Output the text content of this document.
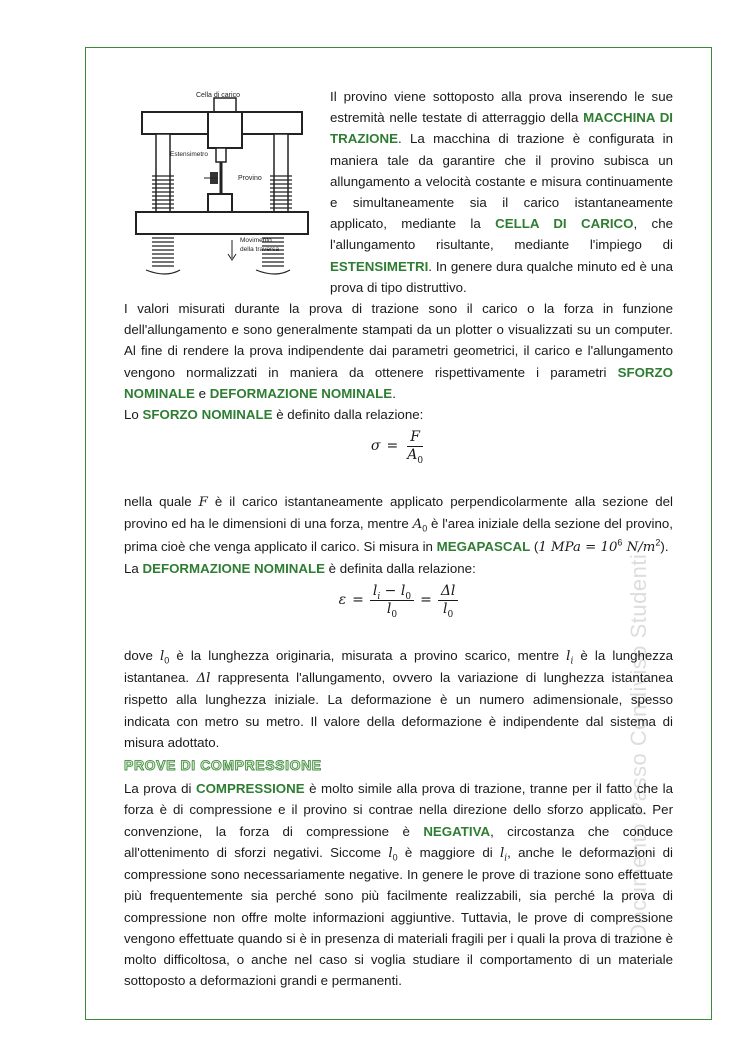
Documento Passo Condiviso Studenti
Cella di carico
Estensimetro
Provino
Movimento
della traversa

Il provino viene sottoposto alla prova inserendo le sue estremità nelle testate di atterraggio della MACCHINA DI TRAZIONE. La macchina di trazione è configurata in maniera tale da garantire che il provino subisca un allungamento a velocità costante e misura continuamente e simultaneamente sia il carico istantaneamente applicato, mediante la CELLA DI CARICO, che l'allungamento risultante, mediante l'impiego di ESTENSIMETRI. In genere dura qualche minuto ed è una prova di tipo distruttivo.

I valori misurati durante la prova di trazione sono il carico o la forza in funzione dell'allungamento e sono generalmente stampati da un plotter o visualizzati su un computer. Al fine di rendere la prova indipendente dai parametri geometrici, il carico e l'allungamento vengono normalizzati in maniera da ottenere rispettivamente i parametri SFORZO NOMINALE e DEFORMAZIONE NOMINALE.

Lo SFORZO NOMINALE è definito dalla relazione:

$\sigma = \frac{F}{A_0}$

nella quale F è il carico istantaneamente applicato perpendicolarmente alla sezione del provino ed ha le dimensioni di una forza, mentre $A_0$ è l'area iniziale della sezione del provino, prima cioè che venga applicato il carico. Si misura in MEGAPASCAL (1 MPa = $10^6$ $N/m^2$).

La DEFORMAZIONE NOMINALE è definita dalla relazione:

$\varepsilon = \frac{l_i - l_0}{l_0} = \frac{\Delta l}{l_0}$

dove $l_0$ è la lunghezza originaria, misurata a provino scarico, mentre $l_i$ è la lunghezza istantanea. Δl rappresenta l'allungamento, ovvero la variazione di lunghezza istantanea rispetto alla lunghezza iniziale. La deformazione è un numero adimensionale, spesso indicata con metro su metro. Il valore della deformazione è indipendente dal sistema di misura adottato.

PROVE DI COMPRESSIONE

La prova di COMPRESSIONE è molto simile alla prova di trazione, tranne per il fatto che la forza è di compressione e il provino si contrae nella direzione dello sforzo applicato. Per convenzione, la forza di compressione è NEGATIVA, circostanza che conduce all'ottenimento di sforzi negativi. Siccome $l_0$ è maggiore di $l_i$, anche le deformazioni di compressione sono necessariamente negative. In genere le prove di trazione sono effettuate più frequentemente sia perché sono più facilmente realizzabili, sia perché la prova di compressione non offre molte informazioni aggiuntive. Tuttavia, le prove di compressione vengono effettuate quando si è in presenza di materiali fragili per i quali la prova di trazione è molto difficoltosa, o anche nel caso si voglia studiare il comportamento di un materiale sottoposto a deformazioni grandi e permanenti.
